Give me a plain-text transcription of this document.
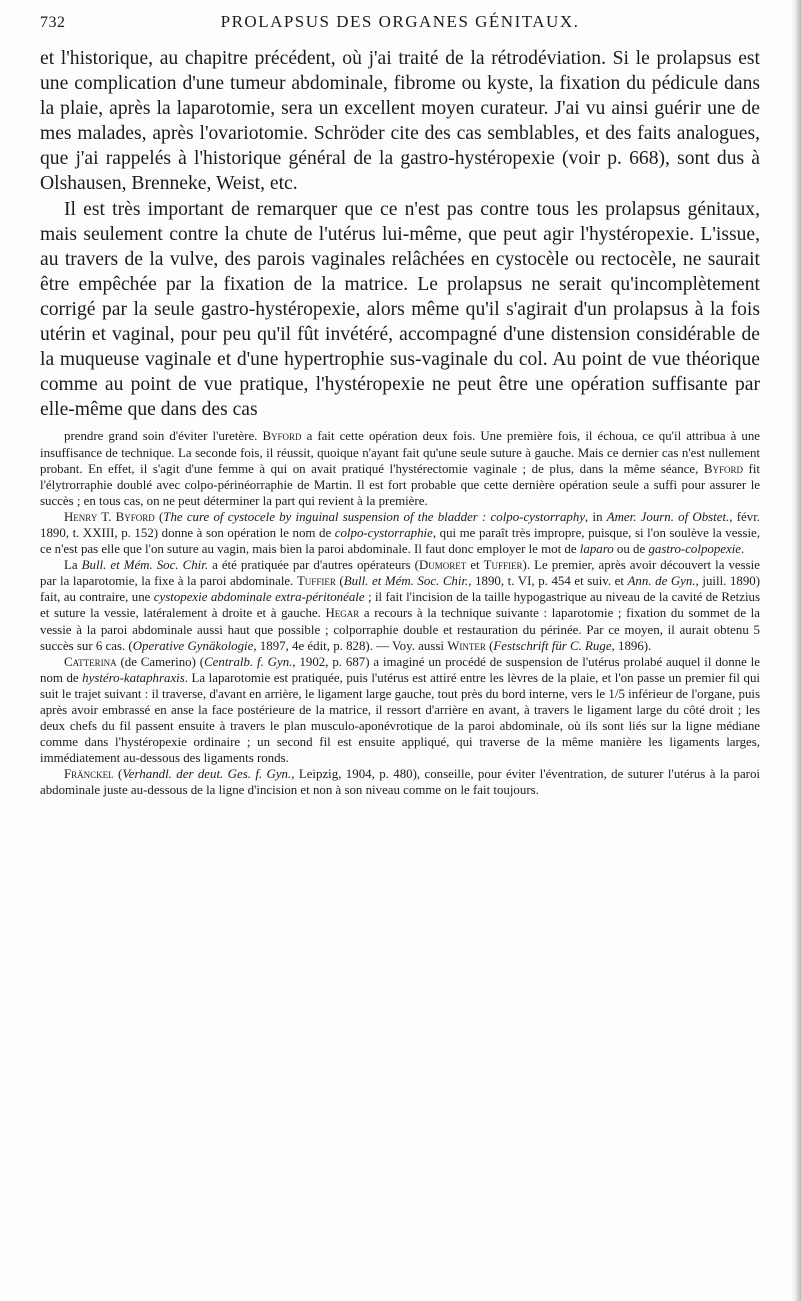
732	PROLAPSUS DES ORGANES GÉNITAUX.

et l'historique, au chapitre précédent, où j'ai traité de la rétrodéviation. Si le prolapsus est une complication d'une tumeur abdominale, fibrome ou kyste, la fixation du pédicule dans la plaie, après la laparotomie, sera un excellent moyen curateur. J'ai vu ainsi guérir une de mes malades, après l'ovariotomie. Schröder cite des cas semblables, et des faits analogues, que j'ai rappelés à l'historique général de la gastro-hystéropexie (voir p. 668), sont dus à Olshausen, Brenneke, Weist, etc.

Il est très important de remarquer que ce n'est pas contre tous les prolapsus génitaux, mais seulement contre la chute de l'utérus lui-même, que peut agir l'hystéropexie. L'issue, au travers de la vulve, des parois vaginales relâchées en cystocèle ou rectocèle, ne saurait être empêchée par la fixation de la matrice. Le prolapsus ne serait qu'incomplètement corrigé par la seule gastro-hystéropexie, alors même qu'il s'agirait d'un prolapsus à la fois utérin et vaginal, pour peu qu'il fût invétéré, accompagné d'une distension considérable de la muqueuse vaginale et d'une hypertrophie sus-vaginale du col. Au point de vue théorique comme au point de vue pratique, l'hystéropexie ne peut être une opération suffisante par elle-même que dans des cas

prendre grand soin d'éviter l'uretère. Byford a fait cette opération deux fois. Une première fois, il échoua, ce qu'il attribua à une insuffisance de technique. La seconde fois, il réussit, quoique n'ayant fait qu'une seule suture à gauche. Mais ce dernier cas n'est nullement probant. En effet, il s'agit d'une femme à qui on avait pratiqué l'hystérectomie vaginale ; de plus, dans la même séance, Byford fit l'élytrorraphie doublé avec colpo-périnéorraphie de Martin. Il est fort probable que cette dernière opération seule a suffi pour assurer le succès ; en tous cas, on ne peut déterminer la part qui revient à la première.

Henry T. Byford (The cure of cystocele by inguinal suspension of the bladder : colpo-cystorraphy, in Amer. Journ. of Obstet., févr. 1890, t. XXIII, p. 152) donne à son opération le nom de colpo-cystorraphie, qui me paraît très impropre, puisque, si l'on soulève la vessie, ce n'est pas elle que l'on suture au vagin, mais bien la paroi abdominale. Il faut donc employer le mot de laparo ou de gastro-colpopexie.

La Bull. et Mém. Soc. Chir. a été pratiquée par d'autres opérateurs (Dumoret et Tuffier). Le premier, après avoir découvert la vessie par la laparotomie, la fixe à la paroi abdominale. Tuffier (Bull. et Mém. Soc. Chir., 1890, t. VI, p. 454 et suiv. et Ann. de Gyn., juill. 1890) fait, au contraire, une cystopexie abdominale extra-péritonéale ; il fait l'incision de la taille hypogastrique au niveau de la cavité de Retzius et suture la vessie, latéralement à droite et à gauche. Hegar a recours à la technique suivante : laparotomie ; fixation du sommet de la vessie à la paroi abdominale aussi haut que possible ; colporraphie double et restauration du périnée. Par ce moyen, il aurait obtenu 5 succès sur 6 cas. (Operative Gynäkologie, 1897, 4e édit, p. 828). — Voy. aussi Winter (Festschrift für C. Ruge, 1896).

Catterina (de Camerino) (Centralb. f. Gyn., 1902, p. 687) a imaginé un procédé de suspension de l'utérus prolabé auquel il donne le nom de hystéro-kataphraxis. La laparotomie est pratiquée, puis l'utérus est attiré entre les lèvres de la plaie, et l'on passe un premier fil qui suit le trajet suivant : il traverse, d'avant en arrière, le ligament large gauche, tout près du bord interne, vers le 1/5 inférieur de l'organe, puis après avoir embrassé en anse la face postérieure de la matrice, il ressort d'arrière en avant, à travers le ligament large du côté droit ; les deux chefs du fil passent ensuite à travers le plan musculo-aponévrotique de la paroi abdominale, où ils sont liés sur la ligne médiane comme dans l'hystéropexie ordinaire ; un second fil est ensuite appliqué, qui traverse de la même manière les ligaments larges, immédiatement au-dessous des ligaments ronds.

Fränckel (Verhandl. der deut. Ges. f. Gyn., Leipzig, 1904, p. 480), conseille, pour éviter l'éventration, de suturer l'utérus à la paroi abdominale juste au-dessous de la ligne d'incision et non à son niveau comme on le fait toujours.
